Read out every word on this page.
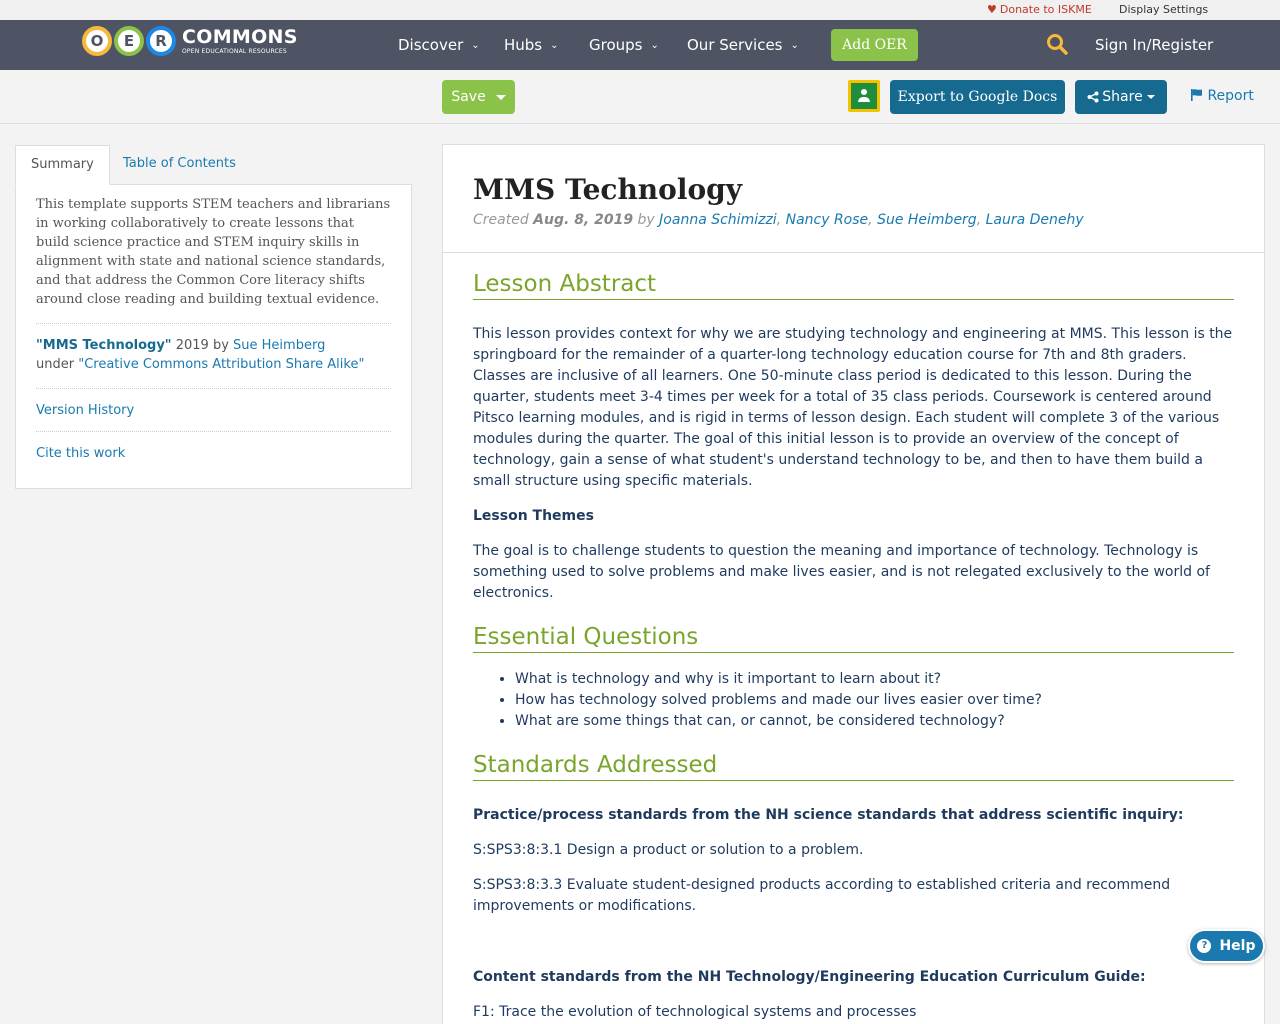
♥ Donate to ISKME Display Settings
O	E	R COMMONS
OPEN EDUCATIONAL RESOURCES	Discover ⌄ Hubs ⌄ Groups ⌄ Our Services ⌄	Add OER	Sign In/Register
Save	Export to Google Docs	Share	Report
Summary	Table of Contents
This template supports STEM teachers and librarians in working collaboratively to create lessons that build science practice and STEM inquiry skills in alignment with state and national science standards, and that address the Common Core literacy shifts around close reading and building textual evidence.
"MMS Technology" 2019 by Sue Heimberg
under "Creative Commons Attribution Share Alike"
Version History
Cite this work
MMS Technology
Created Aug. 8, 2019 by Joanna Schimizzi, Nancy Rose, Sue Heimberg, Laura Denehy
Lesson Abstract

This lesson provides context for why we are studying technology and engineering at MMS. This lesson is the springboard for the remainder of a quarter-long technology education course for 7th and 8th graders. Classes are inclusive of all learners. One 50-minute class period is dedicated to this lesson. During the quarter, students meet 3-4 times per week for a total of 35 class periods. Coursework is centered around Pitsco learning modules, and is rigid in terms of lesson design. Each student will complete 3 of the various modules during the quarter. The goal of this initial lesson is to provide an overview of the concept of technology, gain a sense of what student's understand technology to be, and then to have them build a small structure using specific materials.

Lesson Themes

The goal is to challenge students to question the meaning and importance of technology. Technology is something used to solve problems and make lives easier, and is not relegated exclusively to the world of electronics.

Essential Questions
• What is technology and why is it important to learn about it?
• How has technology solved problems and made our lives easier over time?
• What are some things that can, or cannot, be considered technology?
Standards Addressed

Practice/process standards from the NH science standards that address scientific inquiry:

S:SPS3:8:3.1 Design a product or solution to a problem.

S:SPS3:8:3.3 Evaluate student-designed products according to established criteria and recommend improvements or modifications.

Content standards from the NH Technology/Engineering Education Curriculum Guide:

F1: Trace the evolution of technological systems and processes

? Help
